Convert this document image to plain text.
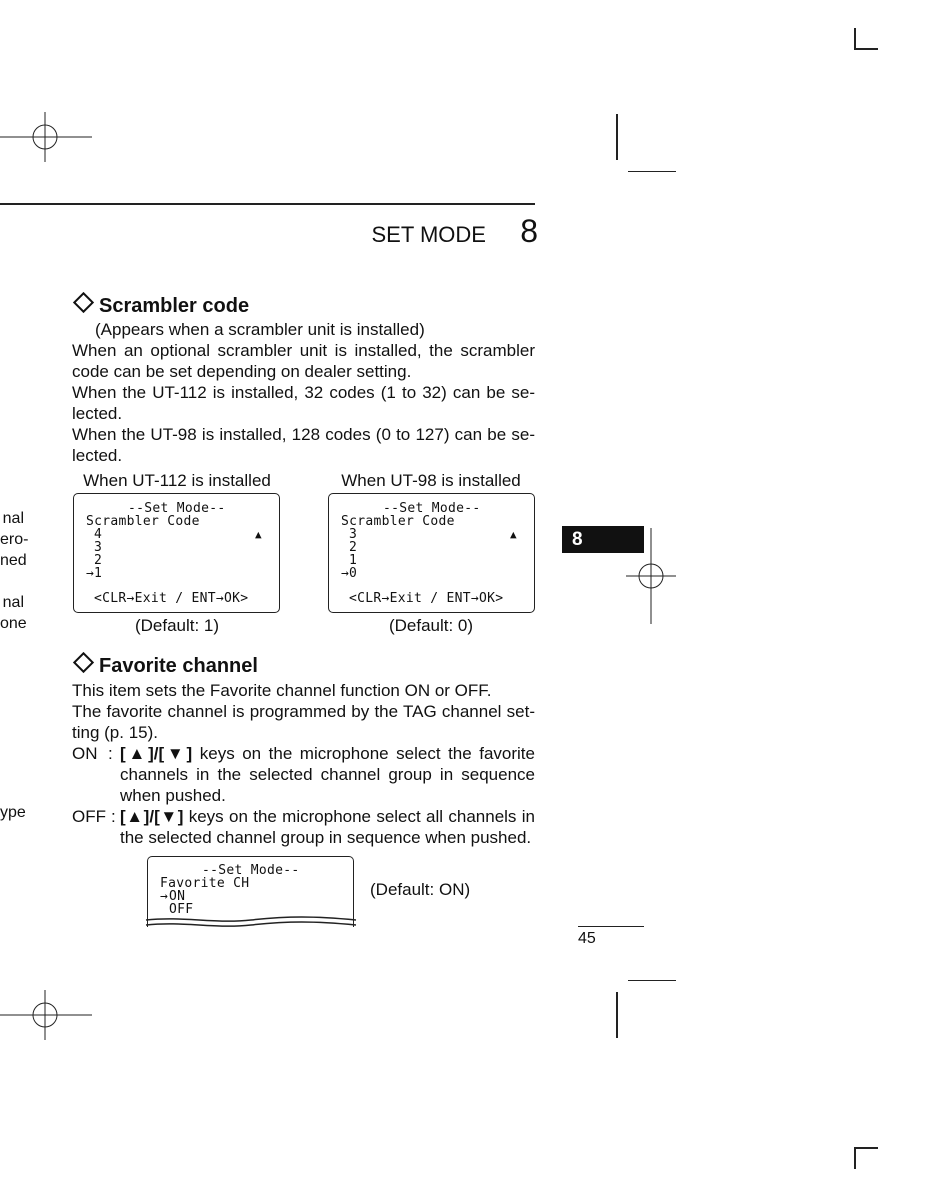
nal
ero-
ned
nal
one
ype
SET MODE	8
8
Scrambler code
(Appears when a scrambler unit is installed)
When an optional scrambler unit is installed, the scrambler code can be set depending on dealer setting.
When the UT-112 is installed, 32 codes (1 to 32) can be se-lected.
When the UT-98 is installed, 128 codes (0 to 127) can be se-lected.
When UT-112 is installed
--Set Mode--
Scrambler Code
4
3
2
→ 1
▲
<CLR→Exit / ENT→OK>
(Default: 1)
When UT-98 is installed
--Set Mode--
Scrambler Code
3
2
1
→ 0
▲
<CLR→Exit / ENT→OK>
(Default: 0)
Favorite channel
This item sets the Favorite channel function ON or OFF.
The favorite channel is programmed by the TAG channel set-ting (p. 15).
ON : [▲]/[▼] keys on the microphone select the favorite channels in the selected channel group in sequence when pushed.
OFF : [▲]/[▼] keys on the microphone select all channels in the selected channel group in sequence when pushed.
--Set Mode--
Favorite CH
→ ON
OFF
(Default: ON)
45
